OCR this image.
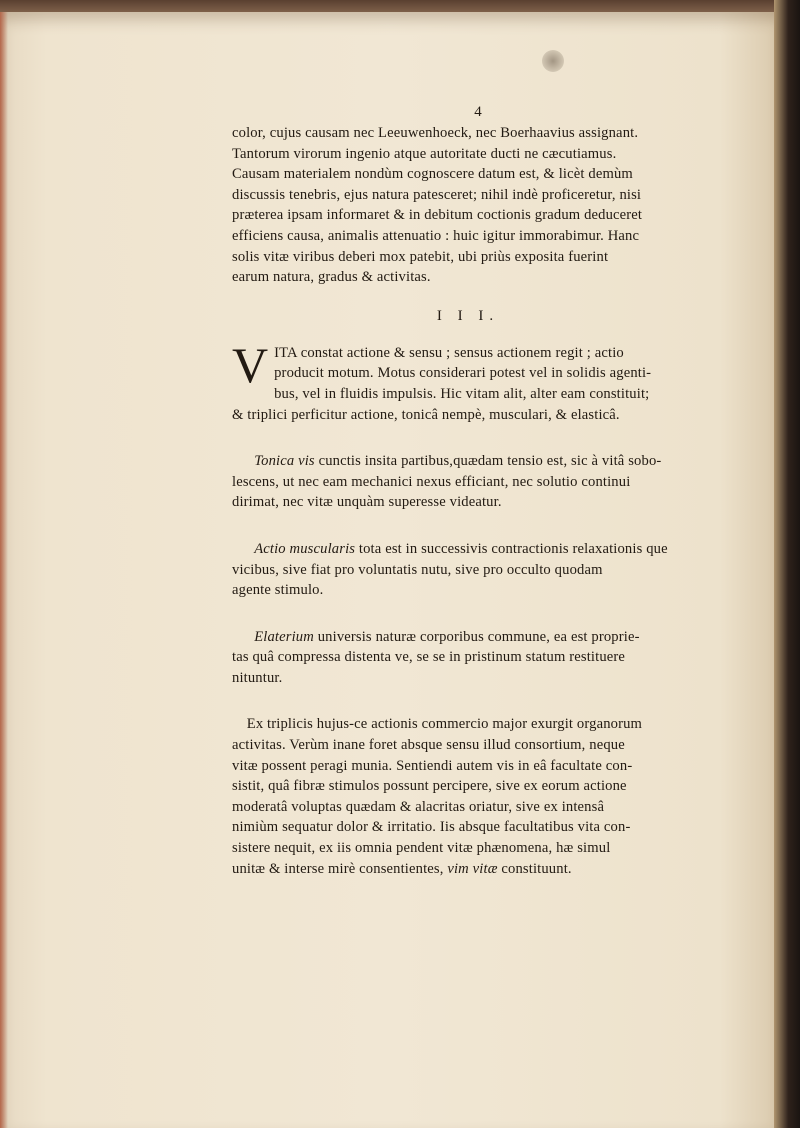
4

color, cujus causam nec Leeuwenhoeck, nec Boerhaavius assignant.
Tantorum virorum ingenio atque autoritate ducti ne cæcutiamus.
Causam materialem nondùm cognoscere datum est, & licèt demùm
discussis tenebris, ejus natura patesceret; nihil indè proficeretur, nisi
præterea ipsam informaret & in debitum coctionis gradum deduceret
efficiens causa, animalis attenuatio : huic igitur immorabimur. Hanc
solis vitæ viribus deberi mox patebit, ubi priùs exposita fuerint
earum natura, gradus & activitas.

I I I.
V ITA constat actione & sensu ; sensus actionem regit ; actio
producit motum. Motus considerari potest vel in solidis agenti-
bus, vel in fluidis impulsis. Hic vitam alit, alter eam constituit;
& triplici perficitur actione, tonicâ nempè, musculari, & elasticâ.

  Tonica vis cunctis insita partibus,quædam tensio est, sic à vitâ sobo-
lescens, ut nec eam mechanici nexus efficiant, nec solutio continui
dirimat, nec vitæ unquàm superesse videatur.

  Actio muscularis tota est in successivis contractionis relaxationis que
vicibus, sive fiat pro voluntatis nutu, sive pro occulto quodam
agente stimulo.

  Elaterium universis naturæ corporibus commune, ea est proprie-
tas quâ compressa distenta ve, se se in pristinum statum restituere
nituntur.

 Ex triplicis hujus-ce actionis commercio major exurgit organorum
activitas. Verùm inane foret absque sensu illud consortium, neque
vitæ possent peragi munia. Sentiendi autem vis in eâ facultate con-
sistit, quâ fibræ stimulos possunt percipere, sive ex eorum actione
moderatâ voluptas quædam & alacritas oriatur, sive ex intensâ
nimiùm sequatur dolor & irritatio. Iis absque facultatibus vita con-
sistere nequit, ex iis omnia pendent vitæ phænomena, hæ simul
unitæ & interse mirè consentientes, vim vitæ constituunt.
